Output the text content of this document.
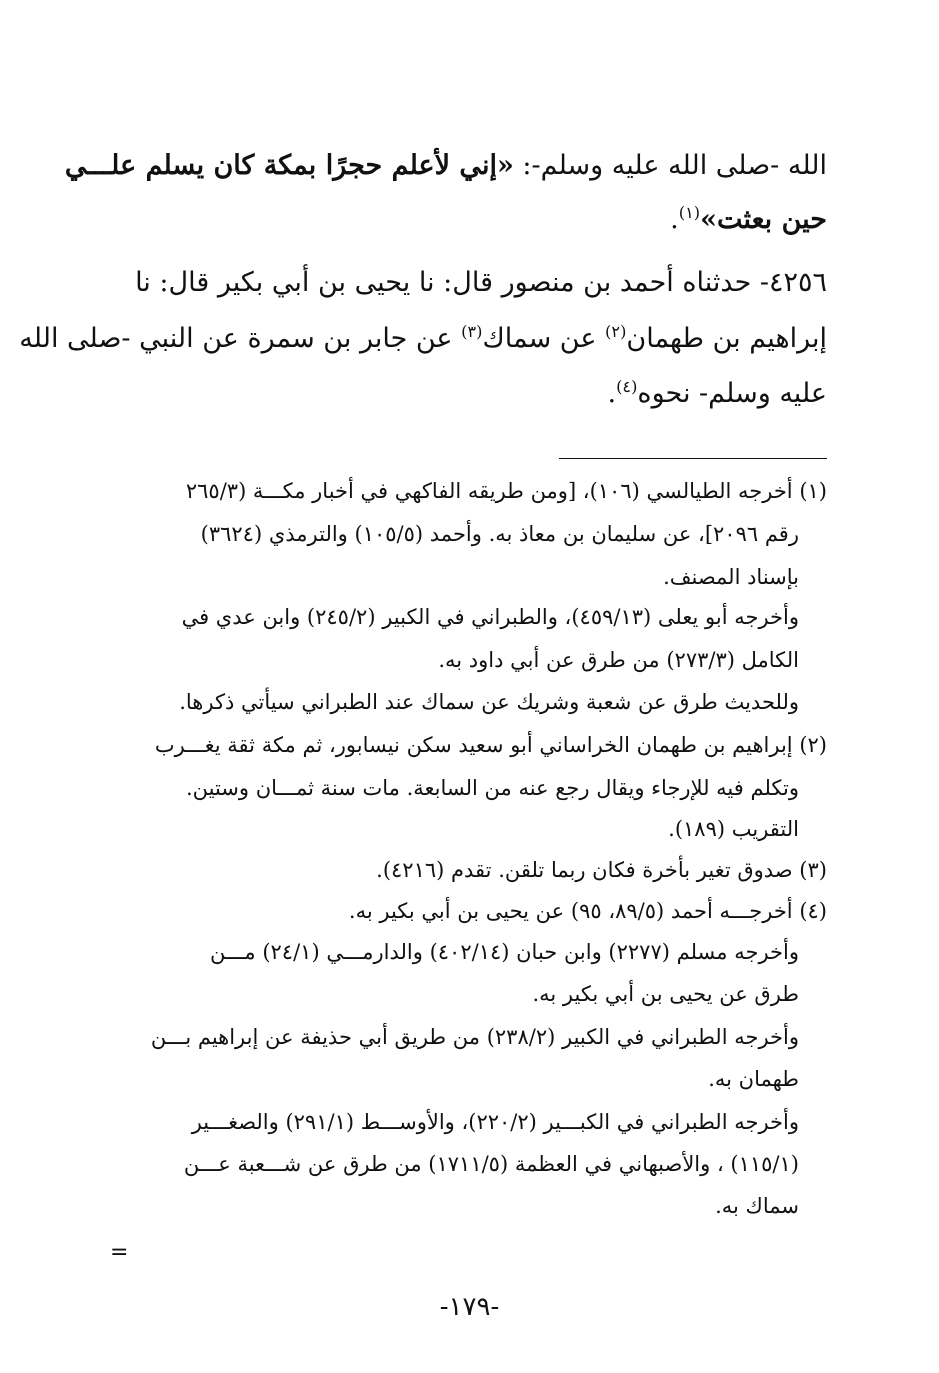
الله -صلى الله عليه وسلم-: «إني لأعلم حجرًا بمكة كان يسلم علـــي
حين بعثت»$^{(١)}$.
٤٢٥٦- حدثناه أحمد بن منصور قال: نا يحيى بن أبي بكير قال: نا
إبراهيم بن طهمان$^{(٢)}$ عن سماك$^{(٣)}$ عن جابر بن سمرة عن النبي -صلى الله
عليه وسلم- نحوه$^{(٤)}$.
(١) أخرجه الطيالسي (١٠٦)، [ومن طريقه الفاكهي في أخبار مكـــة (٢٦٥/٣
رقم ٢٠٩٦]، عن سليمان بن معاذ به. وأحمد (١٠٥/٥) والترمذي (٣٦٢٤)
بإسناد المصنف.
وأخرجه أبو يعلى (٤٥٩/١٣)، والطبراني في الكبير (٢٤٥/٢) وابن عدي في
الكامل (٢٧٣/٣) من طرق عن أبي داود به.
وللحديث طرق عن شعبة وشريك عن سماك عند الطبراني سيأتي ذكرها.
(٢) إبراهيم بن طهمان الخراساني أبو سعيد سكن نيسابور، ثم مكة ثقة يغـــرب
وتكلم فيه للإرجاء ويقال رجع عنه من السابعة. مات سنة ثمـــان وستين.
التقريب (١٨٩).
(٣) صدوق تغير بأخرة فكان ربما تلقن. تقدم (٤٢١٦).
(٤) أخرجـــه أحمد (٨٩/٥، ٩٥) عن يحيى بن أبي بكير به.
وأخرجه مسلم (٢٢٧٧) وابن حبان (٤٠٢/١٤) والدارمـــي (٢٤/١) مـــن
طرق عن يحيى بن أبي بكير به.
وأخرجه الطبراني في الكبير (٢٣٨/٢) من طريق أبي حذيفة عن إبراهيم بـــن
طهمان به.
وأخرجه الطبراني في الكبـــير (٢٢٠/٢)، والأوســـط (٢٩١/١) والصغـــير
(١١٥/١) ، والأصبهاني في العظمة (١٧١١/٥) من طرق عن شـــعبة عـــن
سماك به.
=
-١٧٩-
